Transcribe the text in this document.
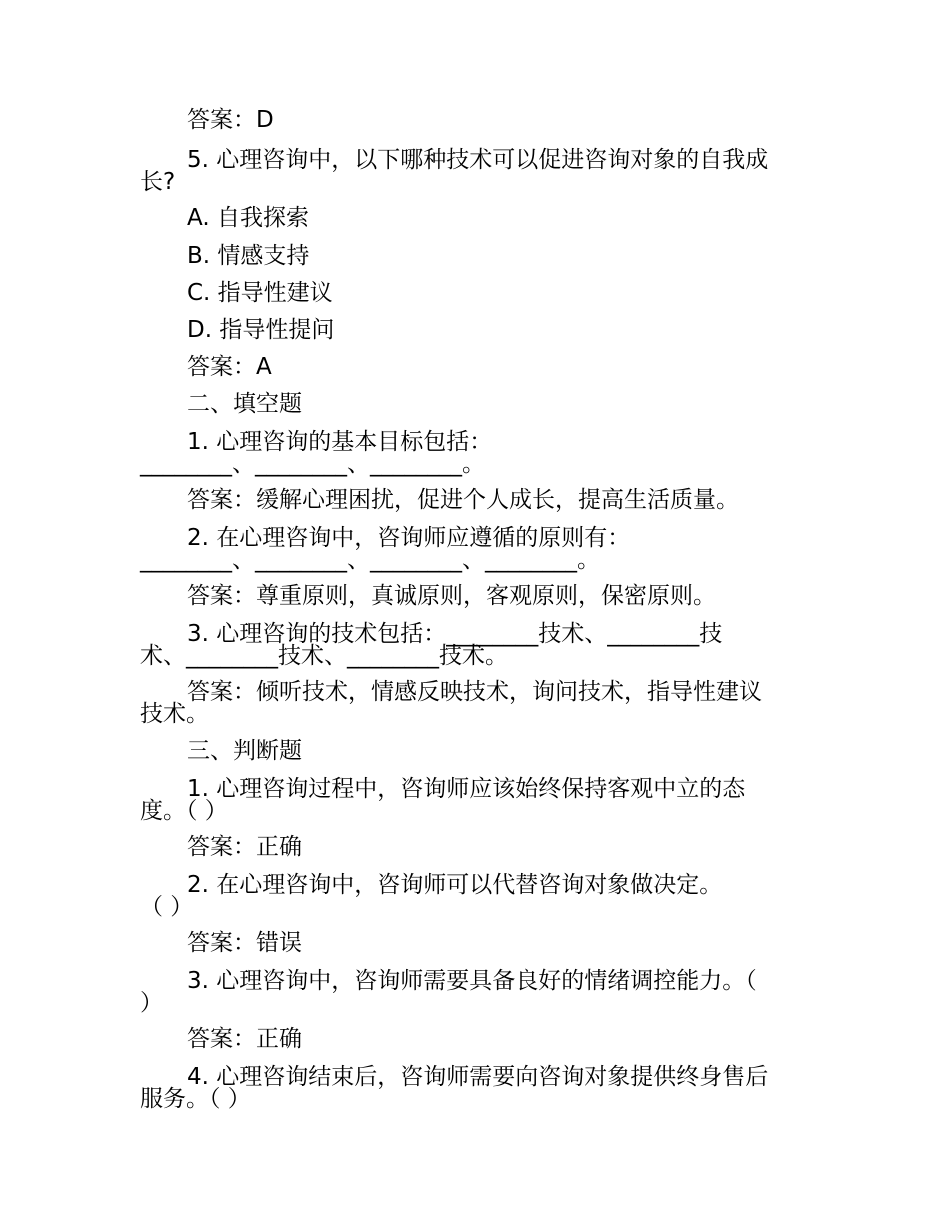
答案：D
5. 心理咨询中，以下哪种技术可以促进咨询对象的自我成
长?
A. 自我探索
B. 情感支持
C. 指导性建议
D. 指导性提问
答案：A
二、填空题
1. 心理咨询的基本目标包括：
________、________、________。
答案：缓解心理困扰，促进个人成长，提高生活质量。
2. 在心理咨询中，咨询师应遵循的原则有：
________、________、________、________。
答案：尊重原则，真诚原则，客观原则，保密原则。
3. 心理咨询的技术包括：________技术、________技
术、________技术、________技术。
答案：倾听技术，情感反映技术，询问技术，指导性建议
技术。
三、判断题
1. 心理咨询过程中，咨询师应该始终保持客观中立的态
度。（ ）
答案：正确
2. 在心理咨询中，咨询师可以代替咨询对象做决定。
（ ）
答案：错误
3. 心理咨询中，咨询师需要具备良好的情绪调控能力。（
）
答案：正确
4. 心理咨询结束后，咨询师需要向咨询对象提供终身售后
服务。（ ）
